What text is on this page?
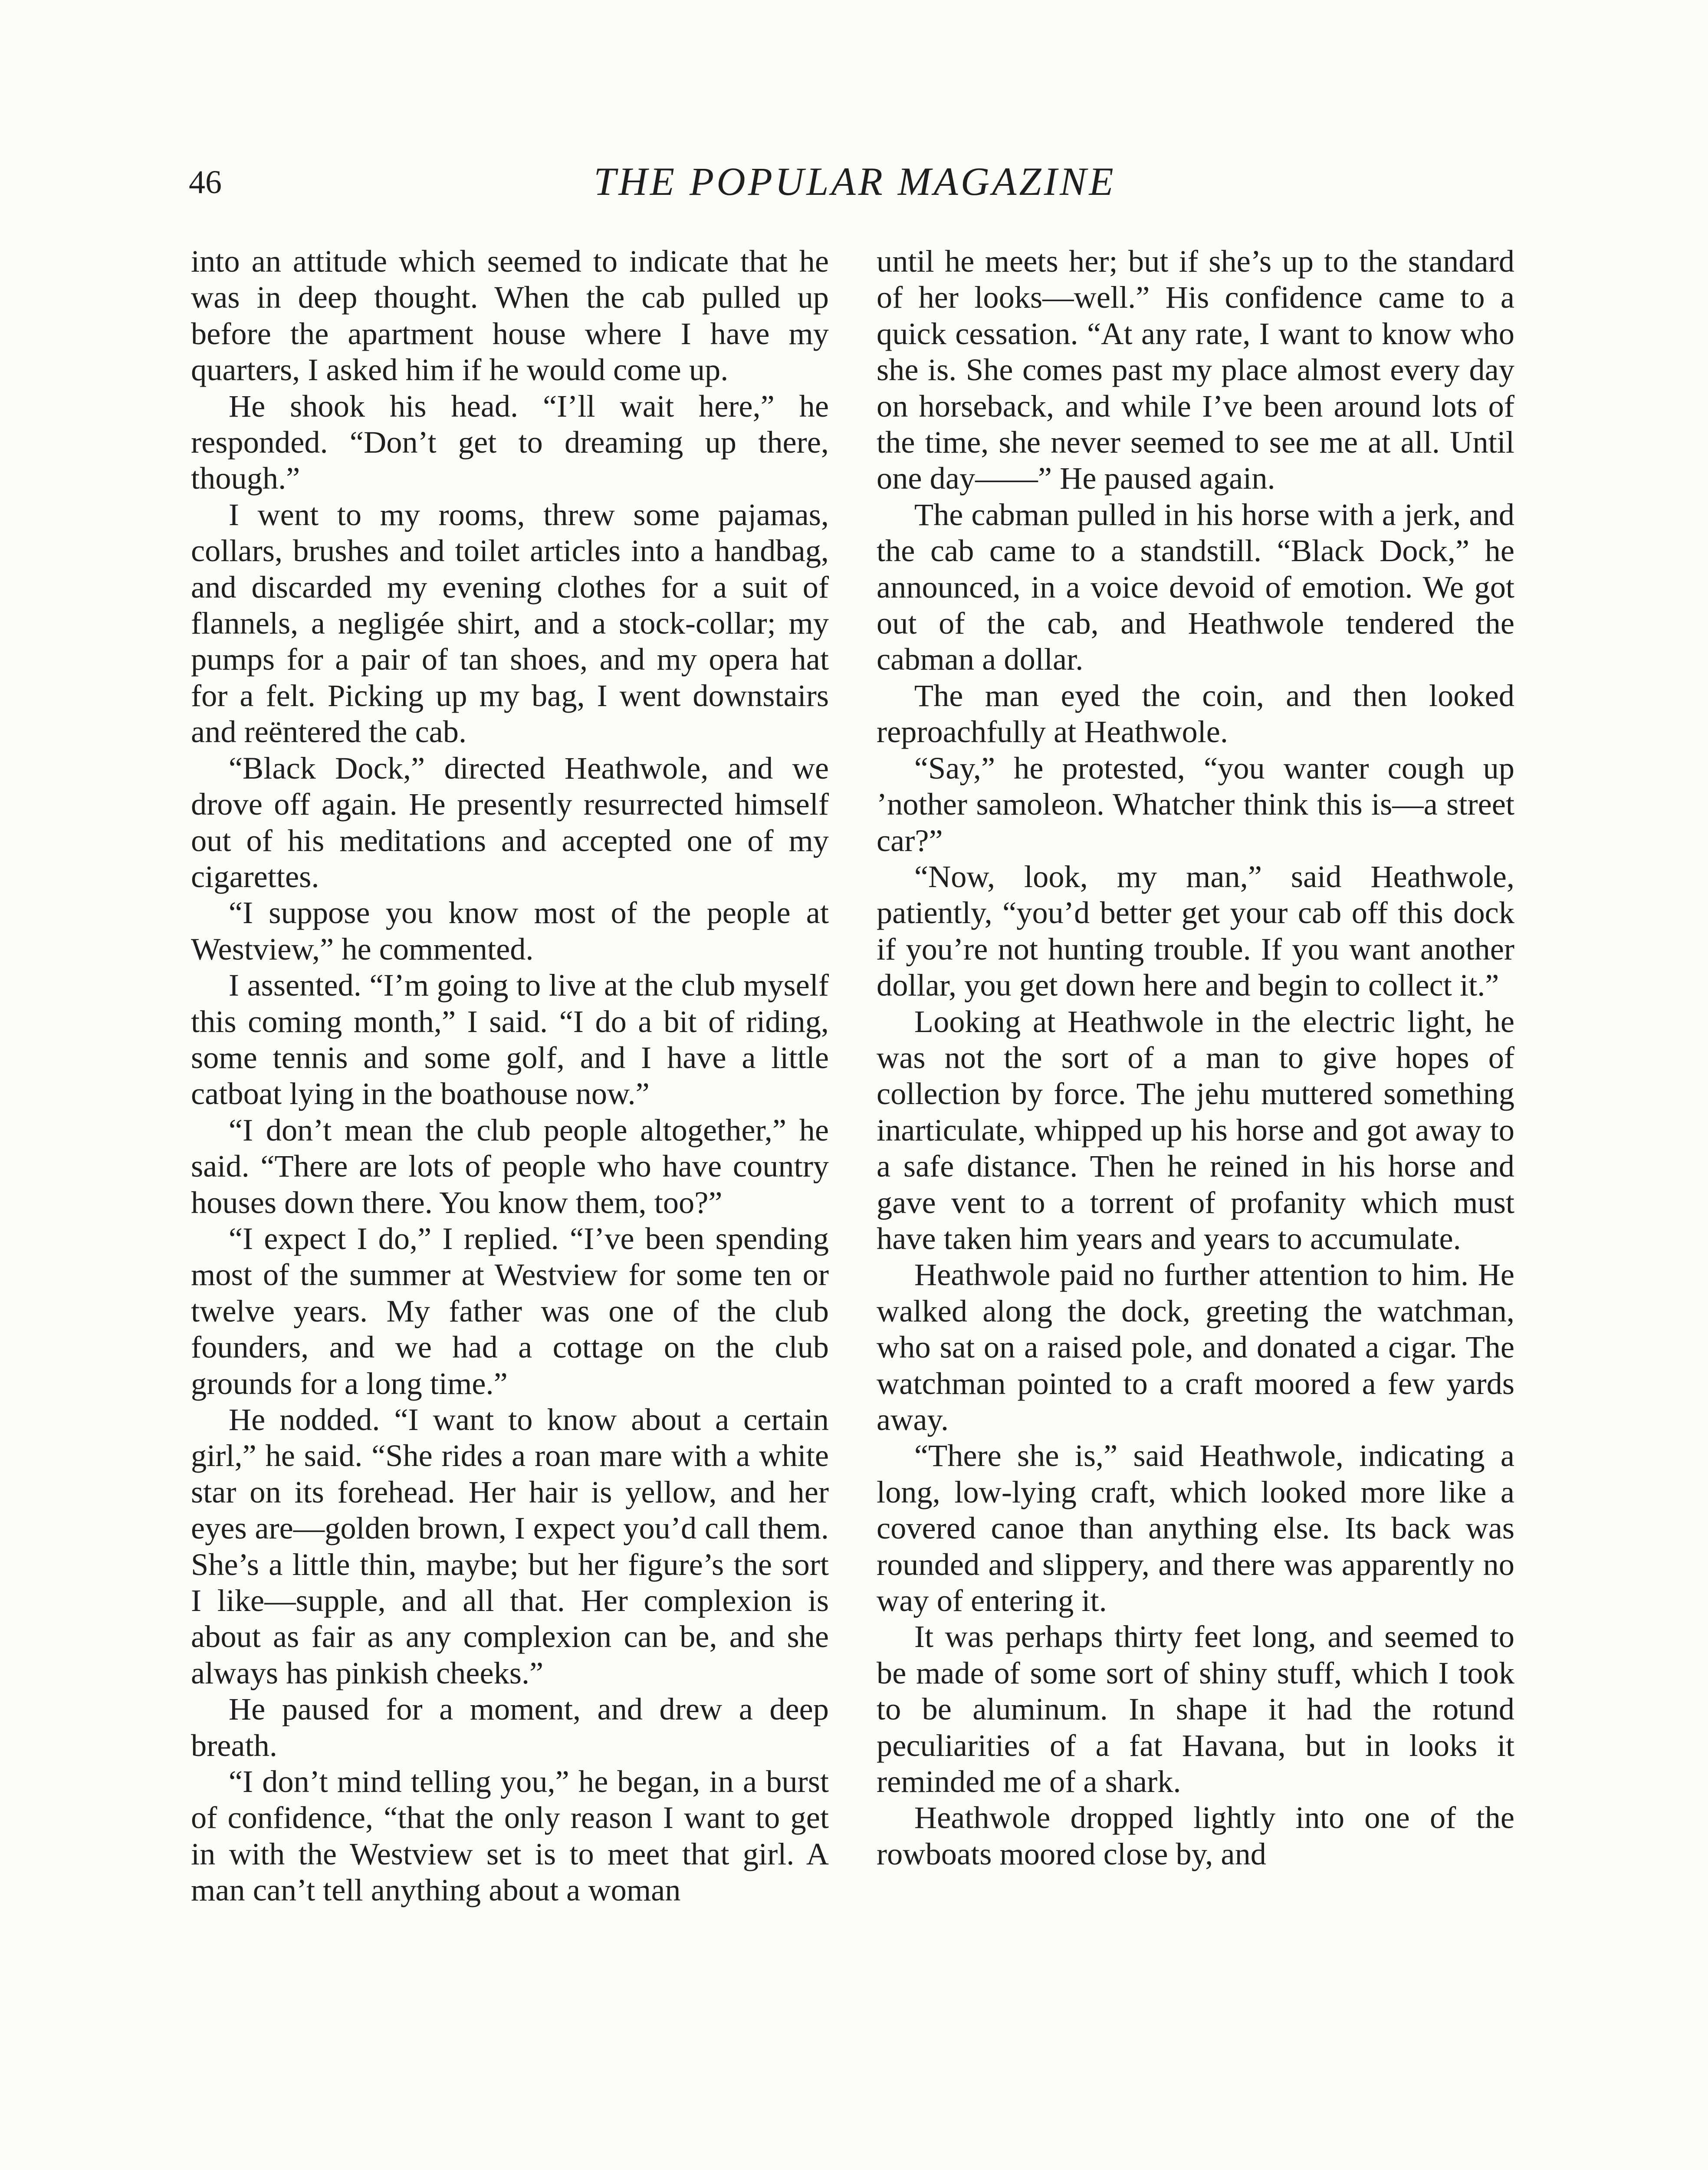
46	THE POPULAR MAGAZINE

into an attitude which seemed to indicate that he was in deep thought. When the cab pulled up before the apartment house where I have my quarters, I asked him if he would come up.

He shook his head. “I’ll wait here,” he responded. “Don’t get to dreaming up there, though.”

I went to my rooms, threw some pajamas, collars, brushes and toilet articles into a handbag, and discarded my evening clothes for a suit of flannels, a negligée shirt, and a stock-collar; my pumps for a pair of tan shoes, and my opera hat for a felt. Picking up my bag, I went downstairs and reëntered the cab.

“Black Dock,” directed Heathwole, and we drove off again. He presently resurrected himself out of his meditations and accepted one of my cigarettes.

“I suppose you know most of the people at Westview,” he commented.

I assented. “I’m going to live at the club myself this coming month,” I said. “I do a bit of riding, some tennis and some golf, and I have a little catboat lying in the boathouse now.”

“I don’t mean the club people altogether,” he said. “There are lots of people who have country houses down there. You know them, too?”

“I expect I do,” I replied. “I’ve been spending most of the summer at Westview for some ten or twelve years. My father was one of the club founders, and we had a cottage on the club grounds for a long time.”

He nodded. “I want to know about a certain girl,” he said. “She rides a roan mare with a white star on its forehead. Her hair is yellow, and her eyes are—golden brown, I expect you’d call them. She’s a little thin, maybe; but her figure’s the sort I like—supple, and all that. Her complexion is about as fair as any complexion can be, and she always has pinkish cheeks.”

He paused for a moment, and drew a deep breath.

“I don’t mind telling you,” he began, in a burst of confidence, “that the only reason I want to get in with the Westview set is to meet that girl. A man can’t tell anything about a woman

until he meets her; but if she’s up to the standard of her looks—well.” His confidence came to a quick cessation. “At any rate, I want to know who she is. She comes past my place almost every day on horseback, and while I’ve been around lots of the time, she never seemed to see me at all. Until one day——” He paused again.

The cabman pulled in his horse with a jerk, and the cab came to a standstill. “Black Dock,” he announced, in a voice devoid of emotion. We got out of the cab, and Heathwole tendered the cabman a dollar.

The man eyed the coin, and then looked reproachfully at Heathwole.

“Say,” he protested, “you wanter cough up ’nother samoleon. Whatcher think this is—a street car?”

“Now, look, my man,” said Heathwole, patiently, “you’d better get your cab off this dock if you’re not hunting trouble. If you want another dollar, you get down here and begin to collect it.”

Looking at Heathwole in the electric light, he was not the sort of a man to give hopes of collection by force. The jehu muttered something inarticulate, whipped up his horse and got away to a safe distance. Then he reined in his horse and gave vent to a torrent of profanity which must have taken him years and years to accumulate.

Heathwole paid no further attention to him. He walked along the dock, greeting the watchman, who sat on a raised pole, and donated a cigar. The watchman pointed to a craft moored a few yards away.

“There she is,” said Heathwole, indicating a long, low-lying craft, which looked more like a covered canoe than anything else. Its back was rounded and slippery, and there was apparently no way of entering it.

It was perhaps thirty feet long, and seemed to be made of some sort of shiny stuff, which I took to be aluminum. In shape it had the rotund peculiarities of a fat Havana, but in looks it reminded me of a shark.

Heathwole dropped lightly into one of the rowboats moored close by, and
